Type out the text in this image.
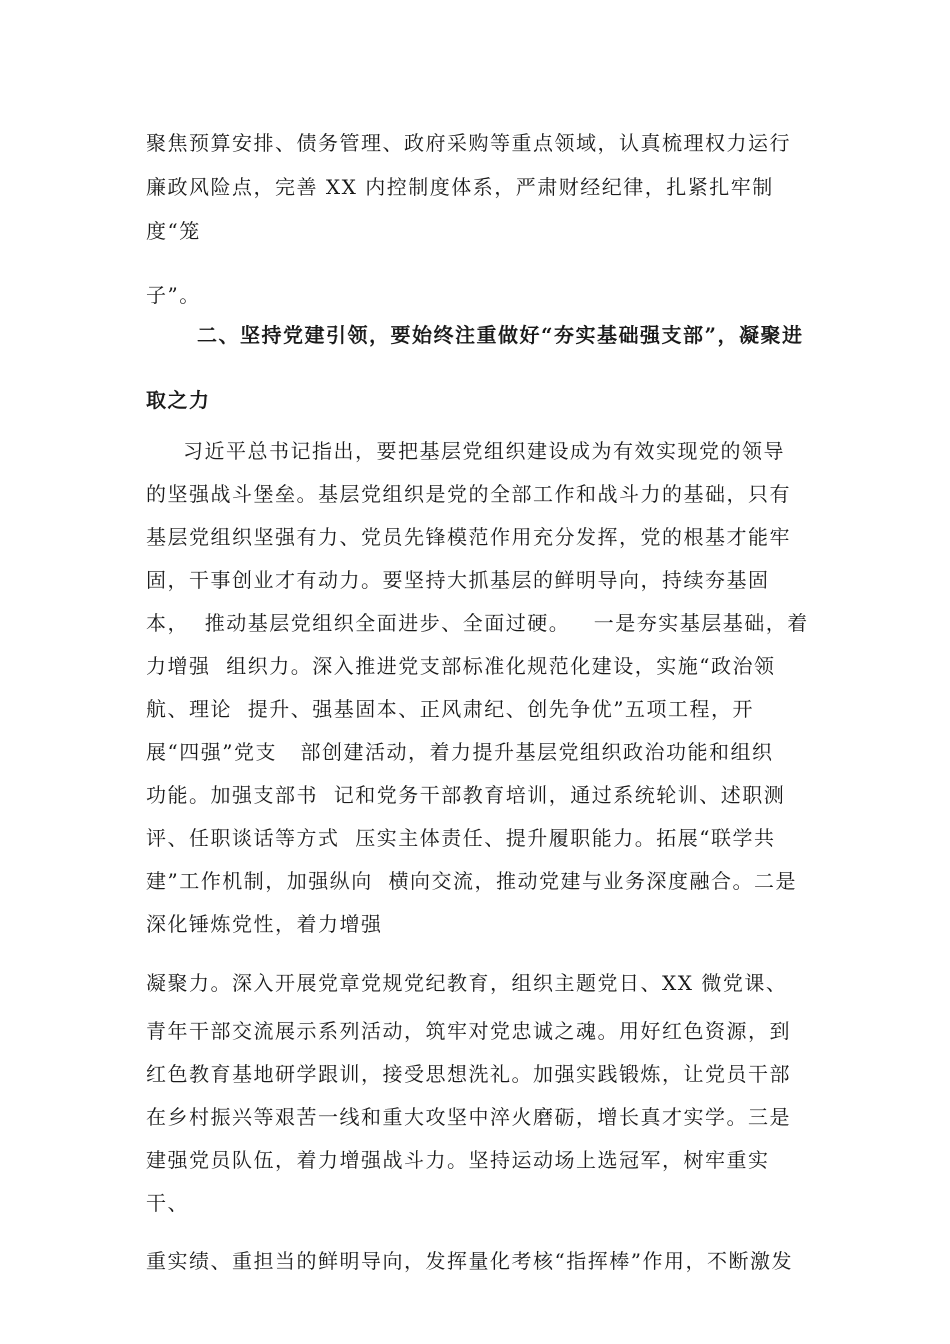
聚焦预算安排、债务管理、政府采购等重点领域，认真梳理权力运行
廉政风险点，完善 XX 内控制度体系，严肃财经纪律，扎紧扎牢制
度“笼
子”。
二、坚持党建引领，要始终注重做好“夯实基础强支部”，凝聚进
取之力
习近平总书记指出，要把基层党组织建设成为有效实现党的领导
的坚强战斗堡垒。基层党组织是党的全部工作和战斗力的基础，只有
基层党组织坚强有力、党员先锋模范作用充分发挥，党的根基才能牢
固，干事创业才有动力。要坚持大抓基层的鲜明导向，持续夯基固
本，  推动基层党组织全面进步、全面过硬。   一是夯实基层基础，着
力增强  组织力。深入推进党支部标准化规范化建设，实施“政治领
航、理论  提升、强基固本、正风肃纪、创先争优”五项工程，开
展“四强”党支   部创建活动，着力提升基层党组织政治功能和组织
功能。加强支部书  记和党务干部教育培训，通过系统轮训、述职测
评、任职谈话等方式  压实主体责任、提升履职能力。拓展“联学共
建”工作机制，加强纵向  横向交流，推动党建与业务深度融合。二是
深化锤炼党性，着力增强
凝聚力。深入开展党章党规党纪教育，组织主题党日、XX 微党课、
青年干部交流展示系列活动，筑牢对党忠诚之魂。用好红色资源，到
红色教育基地研学跟训，接受思想洗礼。加强实践锻炼，让党员干部
在乡村振兴等艰苦一线和重大攻坚中淬火磨砺，增长真才实学。三是
建强党员队伍，着力增强战斗力。坚持运动场上选冠军，树牢重实
干、
重实绩、重担当的鲜明导向，发挥量化考核“指挥棒”作用，不断激发
